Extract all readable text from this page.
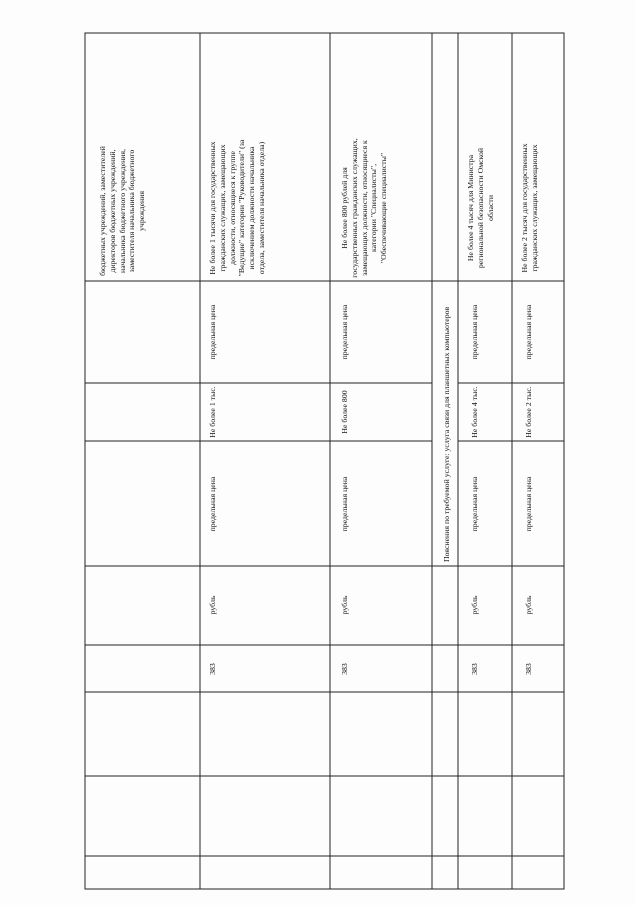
бюджетных учреждений, заместителей директоров бюджетных учреждений, начальника бюджетного учреждения, заместителя начальника бюджетного учреждения	Не более 1 тысячи для государственных гражданских служащих, замещающих должности, относящиеся к группе "Ведущие" категории "Руководители" (за исключением должности начальника отдела, заместителя начальника отдела)
предельная цена
Не более 1 тыс.
предельная цена
рубль
383
Не более 800 рублей для государственных гражданских служащих, замещающих должности, относящиеся к категории "Специалисты", "Обеспечивающие специалисты"
предельная цена
Не более 800
предельная цена
рубль
383
Пояснения по требуемой услуге: услуга связи для планшетных компьютеров
Не более 4 тысяч для Министра региональной безопасности Омской области
предельная цена
Не более 4 тыс.
предельная цена
рубль
383
Не более 2 тысяч для государственных гражданских служащих, замещающих
предельная цена
Не более 2 тыс.
предельная цена
рубль
383
